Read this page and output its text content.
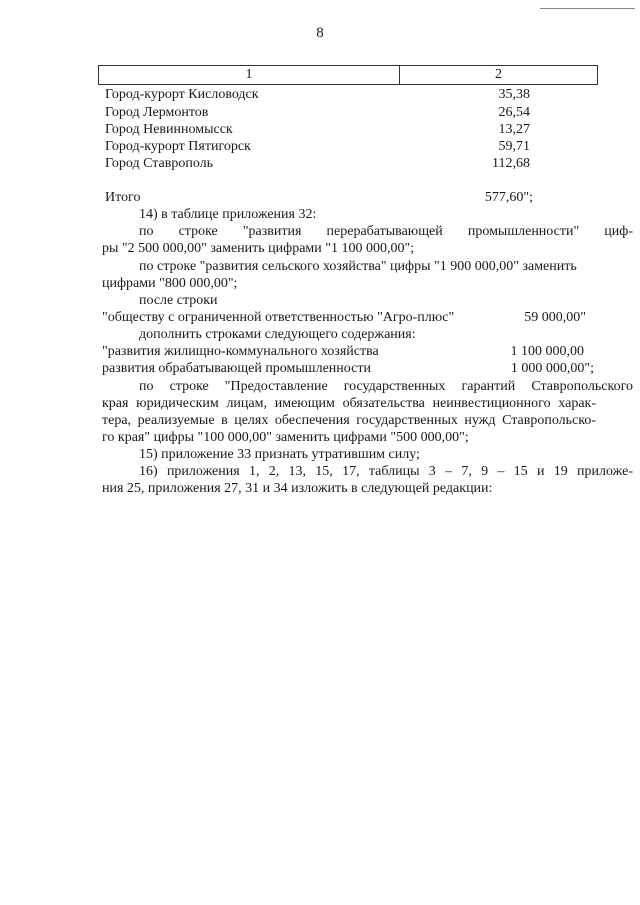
8
1	2
Город-курорт Кисловодск	35,38
Город Лермонтов	26,54
Город Невинномысск	13,27
Город-курорт Пятигорск	59,71
Город Ставрополь	112,68
Итого	577,60";
14) в таблице приложения 32:
по строке "развития перерабатывающей промышленности" циф-
ры "2 500 000,00" заменить цифрами "1 100 000,00";
по строке "развития сельского хозяйства" цифры "1 900 000,00" заменить
цифрами "800 000,00";
после строки
"обществу с ограниченной ответственностью "Агро-плюс"	59 000,00"
дополнить строками следующего содержания:
"развития жилищно-коммунального хозяйства	1 100 000,00
развития обрабатывающей промышленности	1 000 000,00";
по строке "Предоставление государственных гарантий Ставропольского
края юридическим лицам, имеющим обязательства неинвестиционного харак-
тера, реализуемые в целях обеспечения государственных нужд Ставропольско-
го края" цифры "100 000,00" заменить цифрами "500 000,00";
15) приложение 33 признать утратившим силу;
16) приложения 1, 2, 13, 15, 17, таблицы 3 – 7, 9 – 15 и 19 приложе-
ния 25, приложения 27, 31 и 34 изложить в следующей редакции:
